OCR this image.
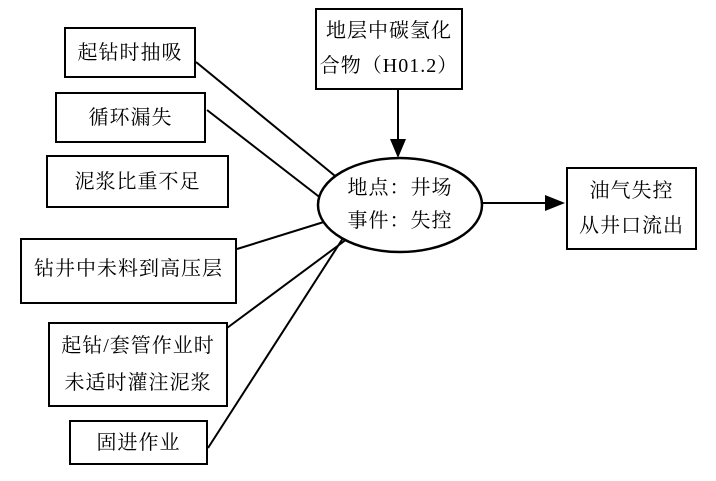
起钻时抽吸
循环漏失
泥浆比重不足
钻井中未料到高压层
起钻/套管作业时
未适时灌注泥浆
固进作业
地层中碳氢化
合物（H01.2）
地点：井场
事件：失控
油气失控
从井口流出
